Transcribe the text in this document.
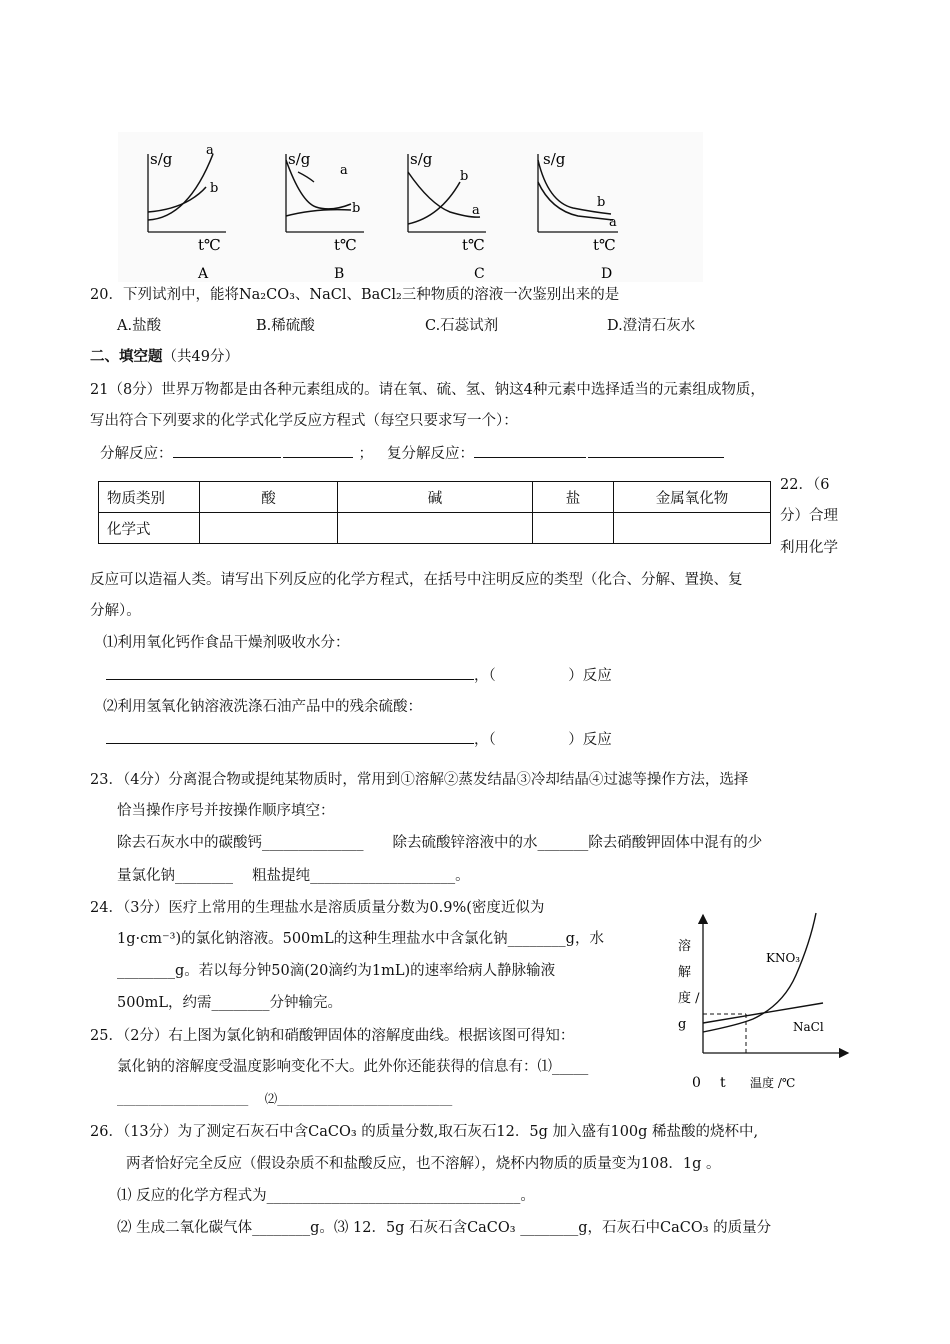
s/g	a
b
t℃
A
s/g
a
b
t℃
B
s/g
b
a
t℃
C
s/g
b
a
t℃
D
20．下列试剂中，能将Na₂CO₃、NaCl、BaCl₂三种物质的溶液一次鉴别出来的是
A.盐酸	B.稀硫酸	C.石蕊试剂	D.澄清石灰水
二、填空题（共49分）
21（8分）世界万物都是由各种元素组成的。请在氧、硫、氢、钠这4种元素中选择适当的元素组成物质，
写出符合下列要求的化学式化学反应方程式（每空只要求写一个）：
分解反应：	； 复分解反应：
物质类别	酸	碱	盐	金属氧化物
化学式				
22．（6
分）合理
利用化学
反应可以造福人类。请写出下列反应的化学方程式，在括号中注明反应的类型（化合、分解、置换、复
分解）。
⑴利用氧化钙作食品干燥剂吸收水分：
，（　　　　　）反应
⑵利用氢氧化钠溶液洗涤石油产品中的残余硫酸：
，（　　　　　）反应
23．（4分）分离混合物或提纯某物质时，常用到①溶解②蒸发结晶③冷却结晶④过滤等操作方法，选择
恰当操作序号并按操作顺序填空：
除去石灰水中的碳酸钙______________　　除去硫酸锌溶液中的水_______除去硝酸钾固体中混有的少
量氯化钠________　 粗盐提纯____________________。
24．（3分）医疗上常用的生理盐水是溶质质量分数为0.9%(密度近似为
1g·cm⁻³)的氯化钠溶液。500mL的这种生理盐水中含氯化钠________g，水
________g。若以每分钟50滴(20滴约为1mL)的速率给病人静脉输液
500mL，约需________分钟输完。
25．（2分）右上图为氯化钠和硝酸钾固体的溶解度曲线。根据该图可得知：
氯化钠的溶解度受温度影响变化不大。此外你还能获得的信息有：⑴_____
_____________________　 ⑵____________________________
溶
解
度 /
g
KNO₃
NaCl
0 t 温度 /℃
26．（13分）为了测定石灰石中含CaCO₃ 的质量分数,取石灰石12．5g 加入盛有100g 稀盐酸的烧杯中,
两者恰好完全反应（假设杂质不和盐酸反应，也不溶解），烧杯内物质的质量变为108．1g 。
⑴ 反应的化学方程式为___________________________________。
⑵ 生成二氧化碳气体________g。⑶ 12．5g 石灰石含CaCO₃ ________g，石灰石中CaCO₃ 的质量分
